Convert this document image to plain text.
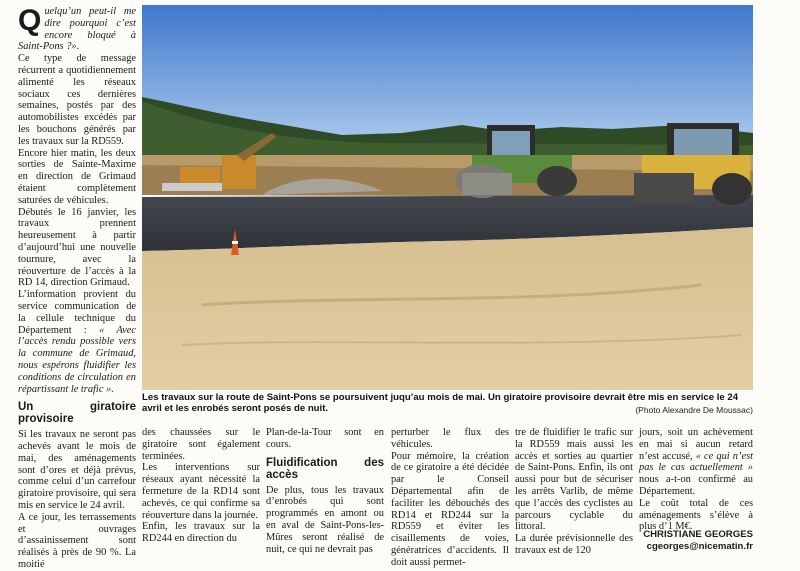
Quelqu’un peut-il me dire pourquoi c’est encore bloqué à Saint-Pons ?».

Ce type de message récurrent a quotidiennement alimenté les réseaux sociaux ces dernières semaines, postés par des automobilistes excédés par les bouchons générés par les travaux sur la RD559.

Encore hier matin, les deux sorties de Sainte-Maxime en direction de Grimaud étaient complètement saturées de véhicules.

Débutés le 16 janvier, les travaux prennent heureusement à partir d’aujourd’hui une nouvelle tournure, avec la réouverture de l’accès à la RD 14, direction Grimaud.

L’information provient du service communication de la cellule technique du Département : « Avec l’accès rendu possible vers la commune de Grimaud, nous espérons fluidifier les conditions de circulation en répartissant le trafic ».

Un giratoire provisoire

Si les travaux ne seront pas achevés avant le mois de mai, des aménagements sont d’ores et déjà prévus, comme celui d’un carrefour giratoire provisoire, qui sera mis en service le 24 avril.

A ce jour, les terrassements et ouvrages d’assainissement sont réalisés à près de 90 %. La moitié

Les travaux sur la route de Saint-Pons se poursuivent juqu’au mois de mai. Un giratoire provisoire devrait être mis en service le 24 avril et les enrobés seront posés de nuit.	(Photo Alexandre De Moussac)

des chaussées sur le giratoire sont également terminées.

Les interventions sur réseaux ayant nécessité la fermeture de la RD14 sont achevés, ce qui confirme sa réouverture dans la journée.

Enfin, les travaux sur la RD244 en direction du

Plan-de-la-Tour sont en cours.

Fluidification des accès

De plus, tous les travaux d’enrobés qui sont programmés en amont ou en aval de Saint-Pons-les-Mûres seront réalisé de nuit, ce qui ne devrait pas

perturber le flux des véhicules.

Pour mémoire, la création de ce giratoire a été décidée par le Conseil Départemental afin de faciliter les débouchés des RD14 et RD244 sur la RD559 et éviter les cisaillements de voies, génératrices d’accidents. Il doit aussi permet-

tre de fluidifier le trafic sur la RD559 mais aussi les accès et sorties au quartier de Saint-Pons. Enfin, ils ont aussi pour but de sécuriser les arrêts Varlib, de même que l’accès des cyclistes au parcours cyclable du littoral.

La durée prévisionnelle des travaux est de 120

jours, soit un achèvement en mai si aucun retard n’est accusé, « ce qui n’est pas le cas actuellement » nous a-t-on confirmé au Département.

Le coût total de ces aménagements s’élève à plus d’1 M€.

CHRISTIANE GEORGES
cgeorges@nicematin.fr
